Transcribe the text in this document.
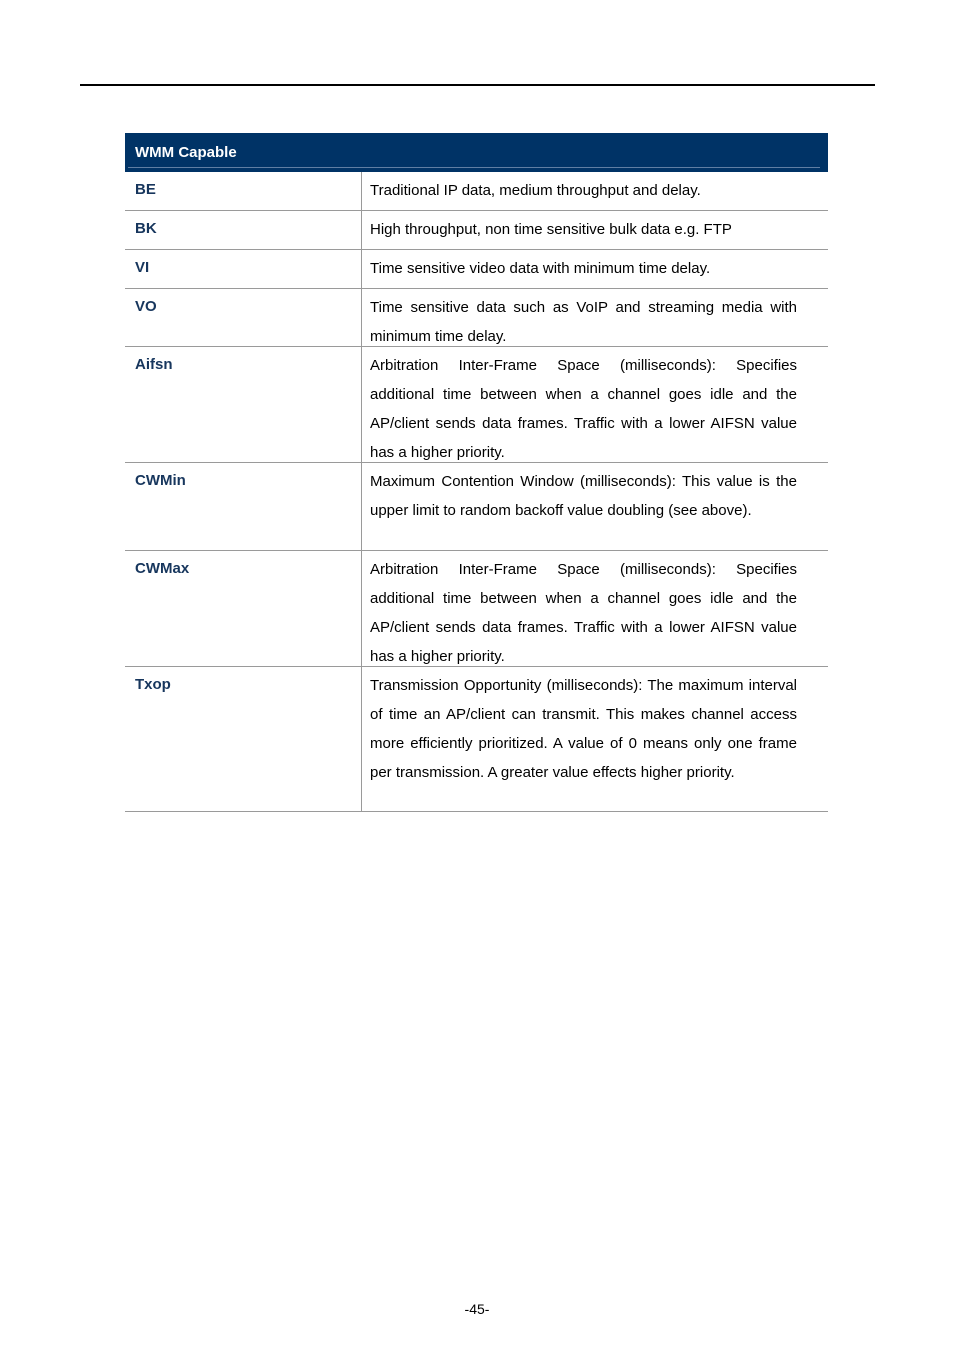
WMM Capable
BE	Traditional IP data, medium throughput and delay.
BK	High throughput, non time sensitive bulk data e.g. FTP
VI	Time sensitive video data with minimum time delay.
VO	Time sensitive data such as VoIP and streaming media with minimum time delay.
Aifsn	Arbitration Inter-Frame Space (milliseconds): Specifies additional time between when a channel goes idle and the AP/client sends data frames. Traffic with a lower AIFSN value has a higher priority.
CWMin	Maximum Contention Window (milliseconds): This value is the upper limit to random backoff value doubling (see above).
CWMax	Arbitration Inter-Frame Space (milliseconds): Specifies additional time between when a channel goes idle and the AP/client sends data frames. Traffic with a lower AIFSN value has a higher priority.
Txop	Transmission Opportunity (milliseconds): The maximum interval of time an AP/client can transmit. This makes channel access more efficiently prioritized. A value of 0 means only one frame per transmission. A greater value effects higher priority.
-45-
